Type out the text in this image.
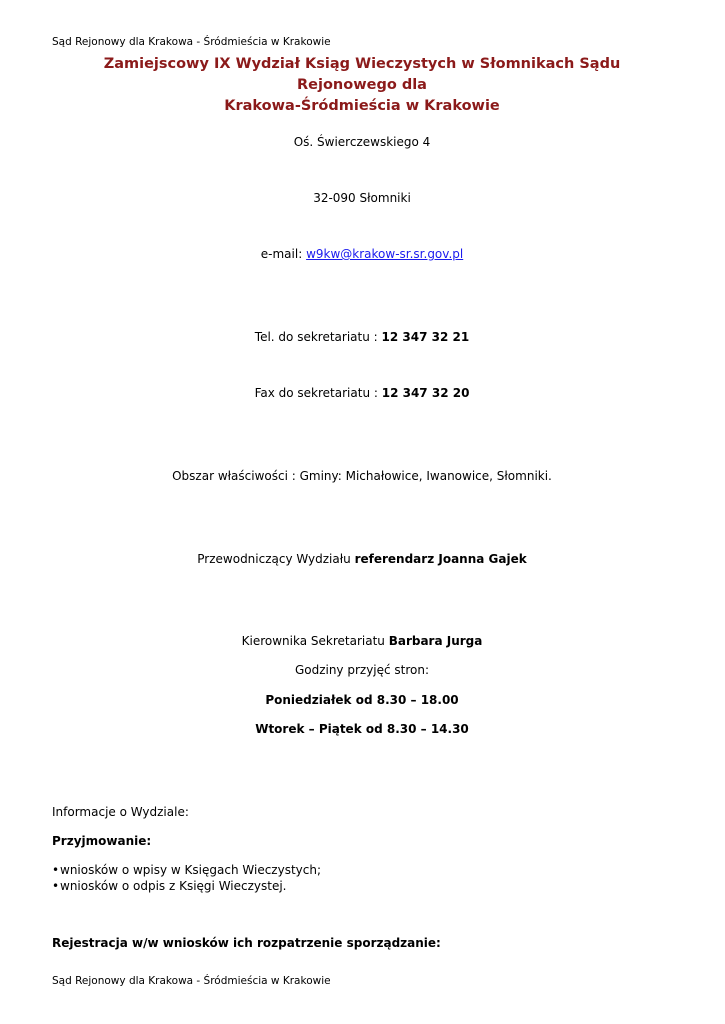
Sąd Rejonowy dla Krakowa - Śródmieścia w Krakowie
Zamiejscowy IX Wydział Ksiąg Wieczystych w Słomnikach Sądu Rejonowego dla
Krakowa-Śródmieścia w Krakowie
Oś. Świerczewskiego 4
32-090 Słomniki
e-mail: w9kw@krakow-sr.sr.gov.pl
Tel. do sekretariatu : 12 347 32 21
Fax do sekretariatu : 12 347 32 20
Obszar właściwości : Gminy: Michałowice, Iwanowice, Słomniki.
Przewodniczący Wydziału referendarz Joanna Gajek
Kierownika Sekretariatu Barbara Jurga
Godziny przyjęć stron:
Poniedziałek od 8.30 – 18.00
Wtorek – Piątek od 8.30 – 14.30
Informacje o Wydziale:
Przyjmowanie:
• wniosków o wpisy w Księgach Wieczystych;
• wniosków o odpis z Księgi Wieczystej.
Rejestracja w/w wniosków ich rozpatrzenie sporządzanie:
Sąd Rejonowy dla Krakowa - Śródmieścia w Krakowie
